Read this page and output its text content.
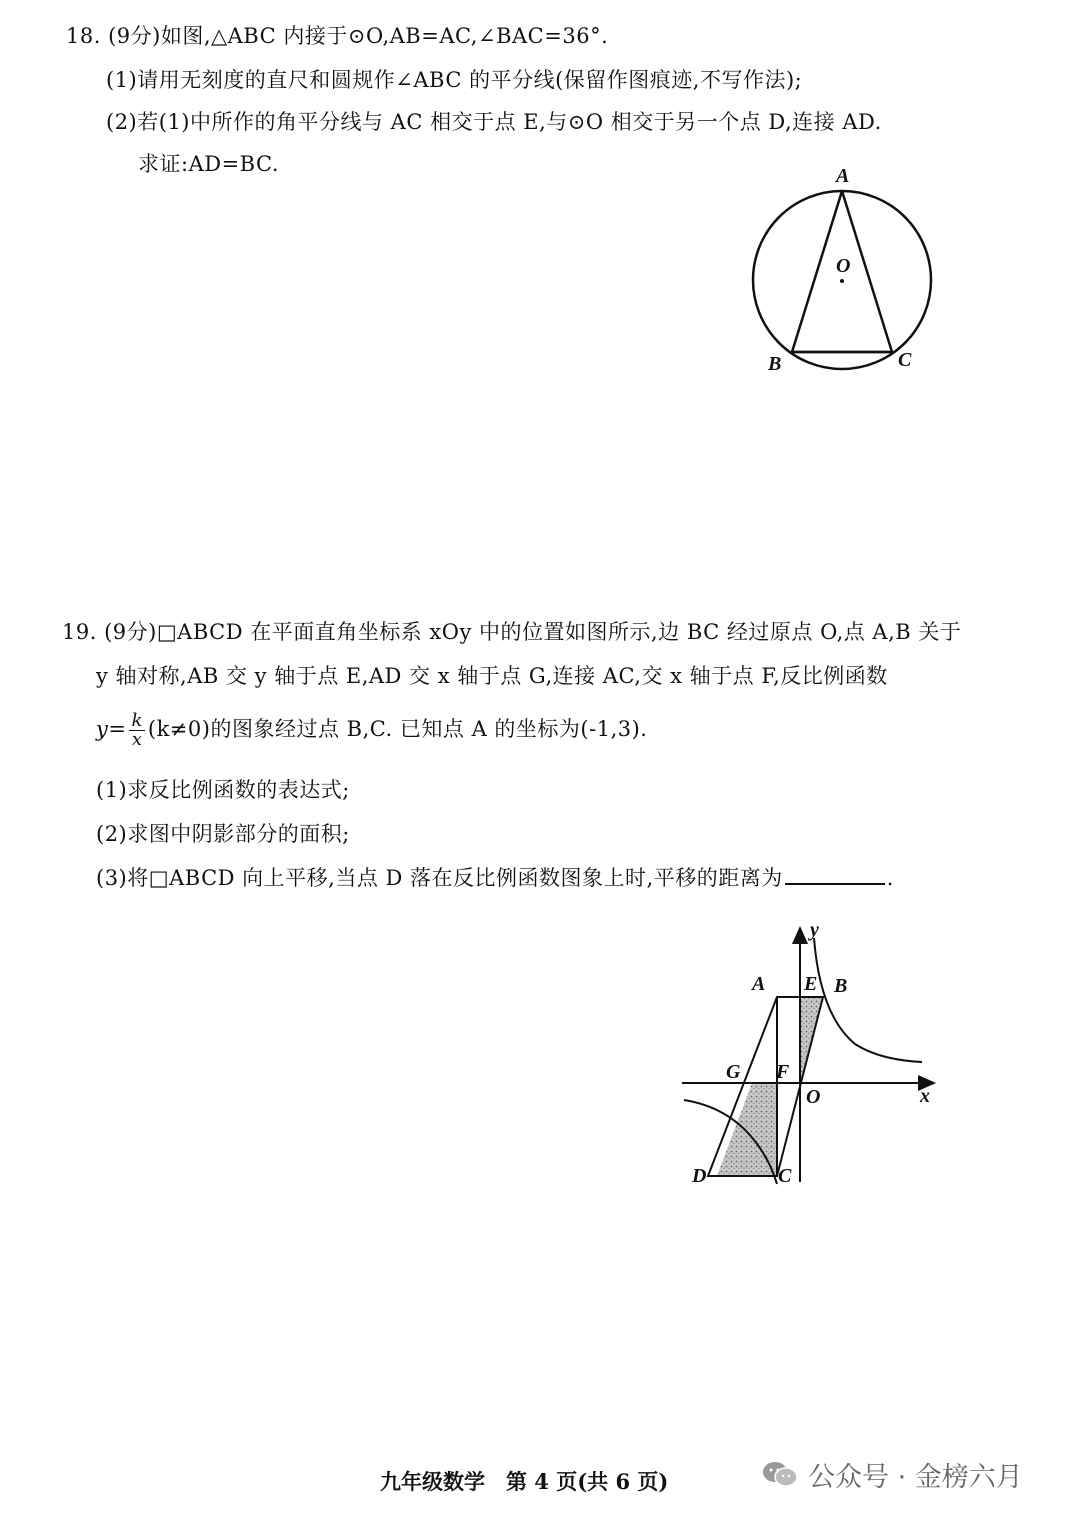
18. (9分)如图,△ABC 内接于⊙O,AB=AC,∠BAC=36°.
(1)请用无刻度的直尺和圆规作∠ABC 的平分线(保留作图痕迹,不写作法);
(2)若(1)中所作的角平分线与 AC 相交于点 E,与⊙O 相交于另一个点 D,连接 AD.
求证:AD=BC.	A
B	C
O
19. (9分)□ABCD 在平面直角坐标系 xOy 中的位置如图所示,边 BC 经过原点 O,点 A,B 关于
y 轴对称,AB 交 y 轴于点 E,AD 交 x 轴于点 G,连接 AC,交 x 轴于点 F,反比例函数
$y= \frac{k}{x} (k\ne 0)$的图象经过点 B,C. 已知点 A 的坐标为(-1,3).
(1)求反比例函数的表达式;
(2)求图中阴影部分的面积;
(3)将□ABCD 向上平移,当点 D 落在反比例函数图象上时,平移的距离为	.
y
x
O
A E B
G F
D	C
九年级数学　第 4 页(共 6 页)	公众号 · 金榜六月
